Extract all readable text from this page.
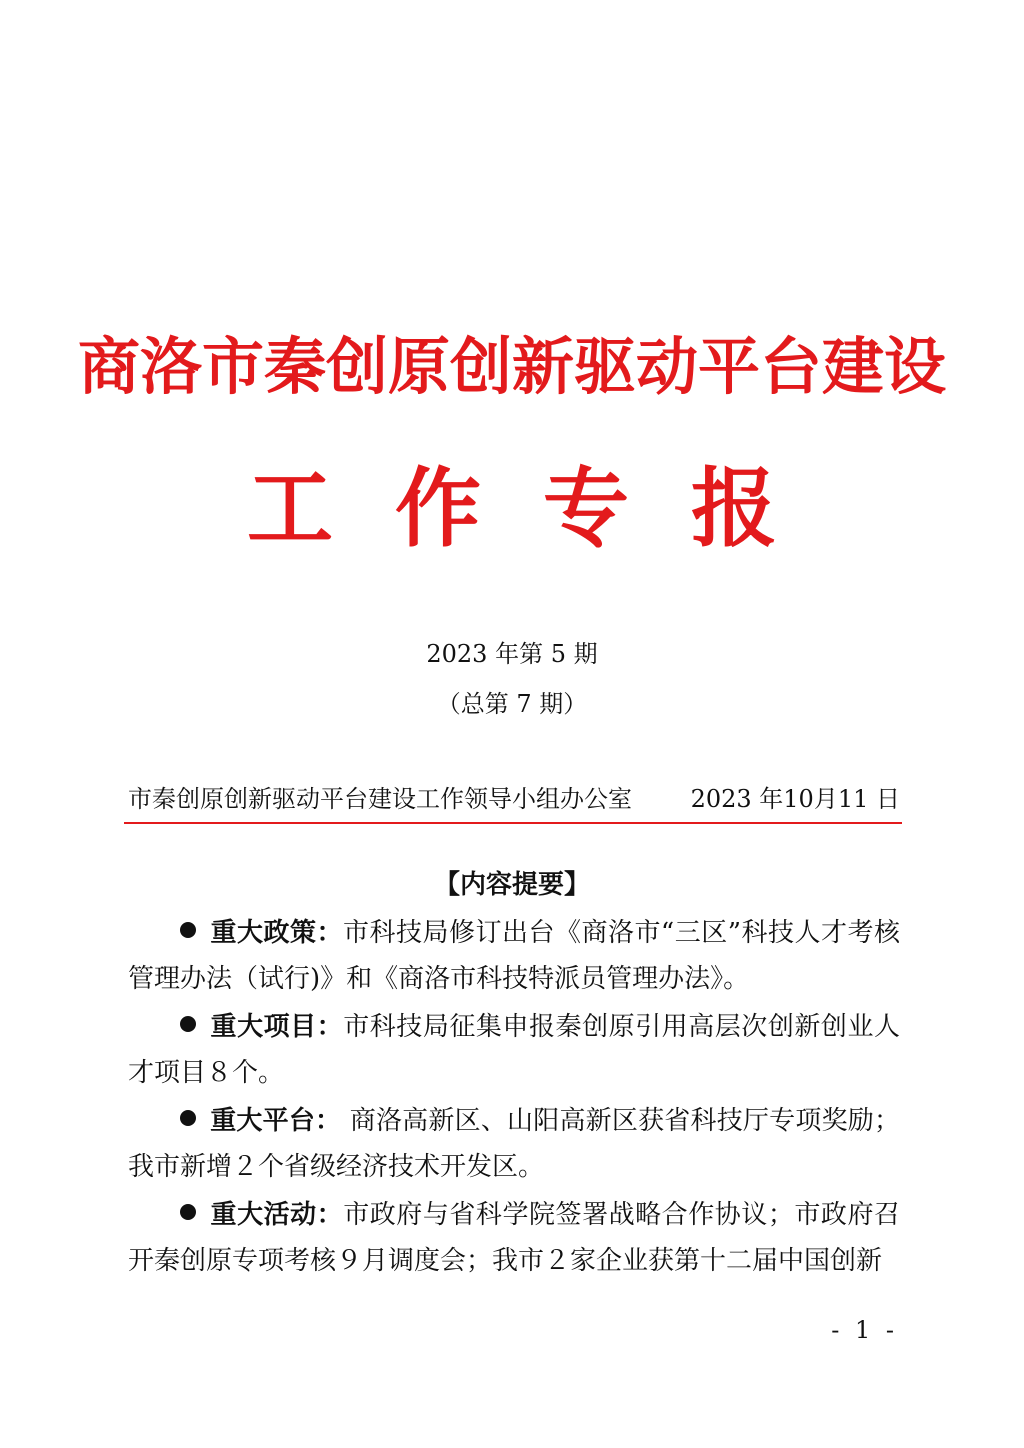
商洛市秦创原创新驱动平台建设
工作专报
2023 年第 5 期
（总第 7 期）
市秦创原创新驱动平台建设工作领导小组办公室 2023 年10月11 日
【内容提要】

重大政策：市科技局修订出台《商洛市“三区”科技人才考核管理办法（试行)》和《商洛市科技特派员管理办法》。

重大项目：市科技局征集申报秦创原引用高层次创新创业人才项目８个。

重大平台： 商洛高新区、山阳高新区获省科技厅专项奖励；我市新增２个省级经济技术开发区。

重大活动：市政府与省科学院签署战略合作协议；市政府召开秦创原专项考核９月调度会；我市２家企业获第十二届中国创新

- 1 -
